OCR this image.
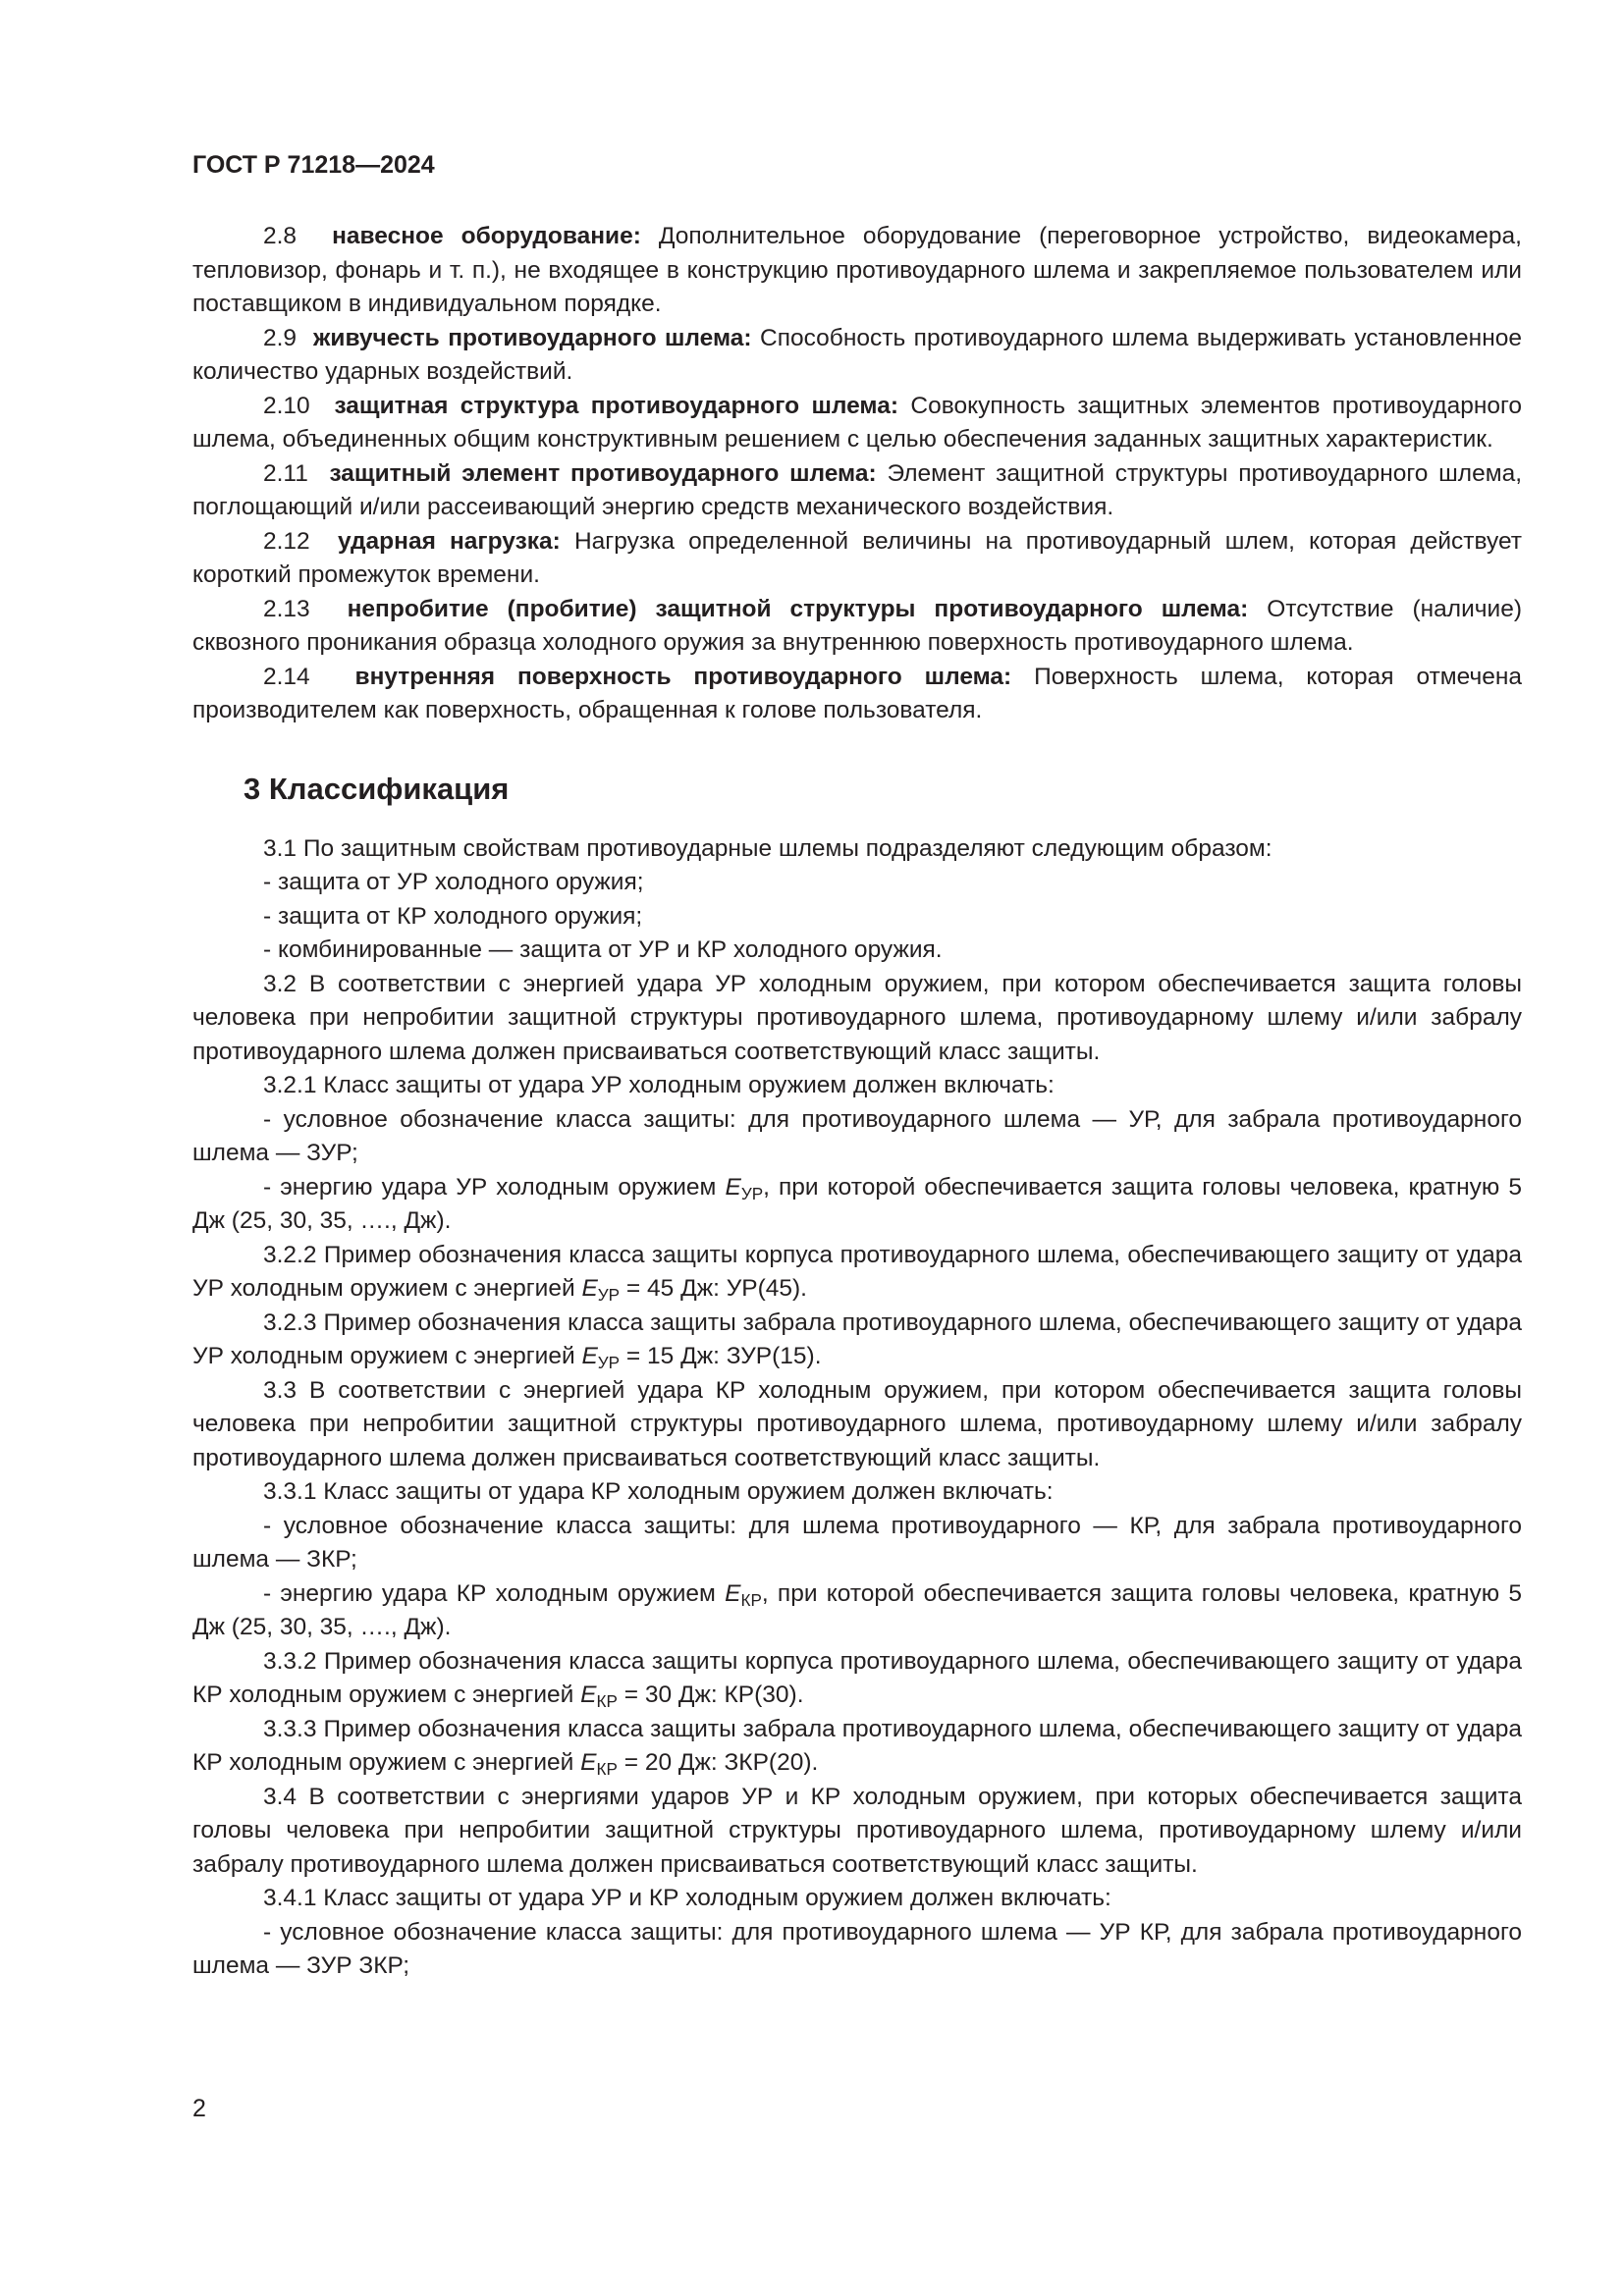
ГОСТ Р 71218—2024

2.8 навесное оборудование: Дополнительное оборудование (переговорное устройство, видеокамера, тепловизор, фонарь и т. п.), не входящее в конструкцию противоударного шлема и закрепляемое пользователем или поставщиком в индивидуальном порядке.

2.9 живучесть противоударного шлема: Способность противоударного шлема выдерживать установленное количество ударных воздействий.

2.10 защитная структура противоударного шлема: Совокупность защитных элементов противоударного шлема, объединенных общим конструктивным решением с целью обеспечения заданных защитных характеристик.

2.11 защитный элемент противоударного шлема: Элемент защитной структуры противоударного шлема, поглощающий и/или рассеивающий энергию средств механического воздействия.

2.12 ударная нагрузка: Нагрузка определенной величины на противоударный шлем, которая действует короткий промежуток времени.

2.13 непробитие (пробитие) защитной структуры противоударного шлема: Отсутствие (наличие) сквозного проникания образца холодного оружия за внутреннюю поверхность противоударного шлема.

2.14 внутренняя поверхность противоударного шлема: Поверхность шлема, которая отмечена производителем как поверхность, обращенная к голове пользователя.

3 Классификация

3.1 По защитным свойствам противоударные шлемы подразделяют следующим образом:

- защита от УР холодного оружия;

- защита от КР холодного оружия;

- комбинированные — защита от УР и КР холодного оружия.

3.2 В соответствии с энергией удара УР холодным оружием, при котором обеспечивается защита головы человека при непробитии защитной структуры противоударного шлема, противоударному шлему и/или забралу противоударного шлема должен присваиваться соответствующий класс защиты.

3.2.1 Класс защиты от удара УР холодным оружием должен включать:

- условное обозначение класса защиты: для противоударного шлема — УР, для забрала противоударного шлема — ЗУР;

- энергию удара УР холодным оружием $Е_{УР}$, при которой обеспечивается защита головы человека, кратную 5 Дж (25, 30, 35, …., Дж).

3.2.2 Пример обозначения класса защиты корпуса противоударного шлема, обеспечивающего защиту от удара УР холодным оружием с энергией $Е_{УР} = 45$ Дж: УР(45).

3.2.3 Пример обозначения класса защиты забрала противоударного шлема, обеспечивающего защиту от удара УР холодным оружием с энергией $Е_{УР} = 15$ Дж: ЗУР(15).

3.3 В соответствии с энергией удара КР холодным оружием, при котором обеспечивается защита головы человека при непробитии защитной структуры противоударного шлема, противоударному шлему и/или забралу противоударного шлема должен присваиваться соответствующий класс защиты.

3.3.1 Класс защиты от удара КР холодным оружием должен включать:

- условное обозначение класса защиты: для шлема противоударного — КР, для забрала противоударного шлема — ЗКР;

- энергию удара КР холодным оружием $Е_{КР}$, при которой обеспечивается защита головы человека, кратную 5 Дж (25, 30, 35, …., Дж).

3.3.2 Пример обозначения класса защиты корпуса противоударного шлема, обеспечивающего защиту от удара КР холодным оружием с энергией $Е_{КР} = 30$ Дж: КР(30).

3.3.3 Пример обозначения класса защиты забрала противоударного шлема, обеспечивающего защиту от удара КР холодным оружием с энергией $Е_{КР} = 20$ Дж: ЗКР(20).

3.4 В соответствии с энергиями ударов УР и КР холодным оружием, при которых обеспечивается защита головы человека при непробитии защитной структуры противоударного шлема, противоударному шлему и/или забралу противоударного шлема должен присваиваться соответствующий класс защиты.

3.4.1 Класс защиты от удара УР и КР холодным оружием должен включать:

- условное обозначение класса защиты: для противоударного шлема — УР КР, для забрала противоударного шлема — ЗУР ЗКР;

2
